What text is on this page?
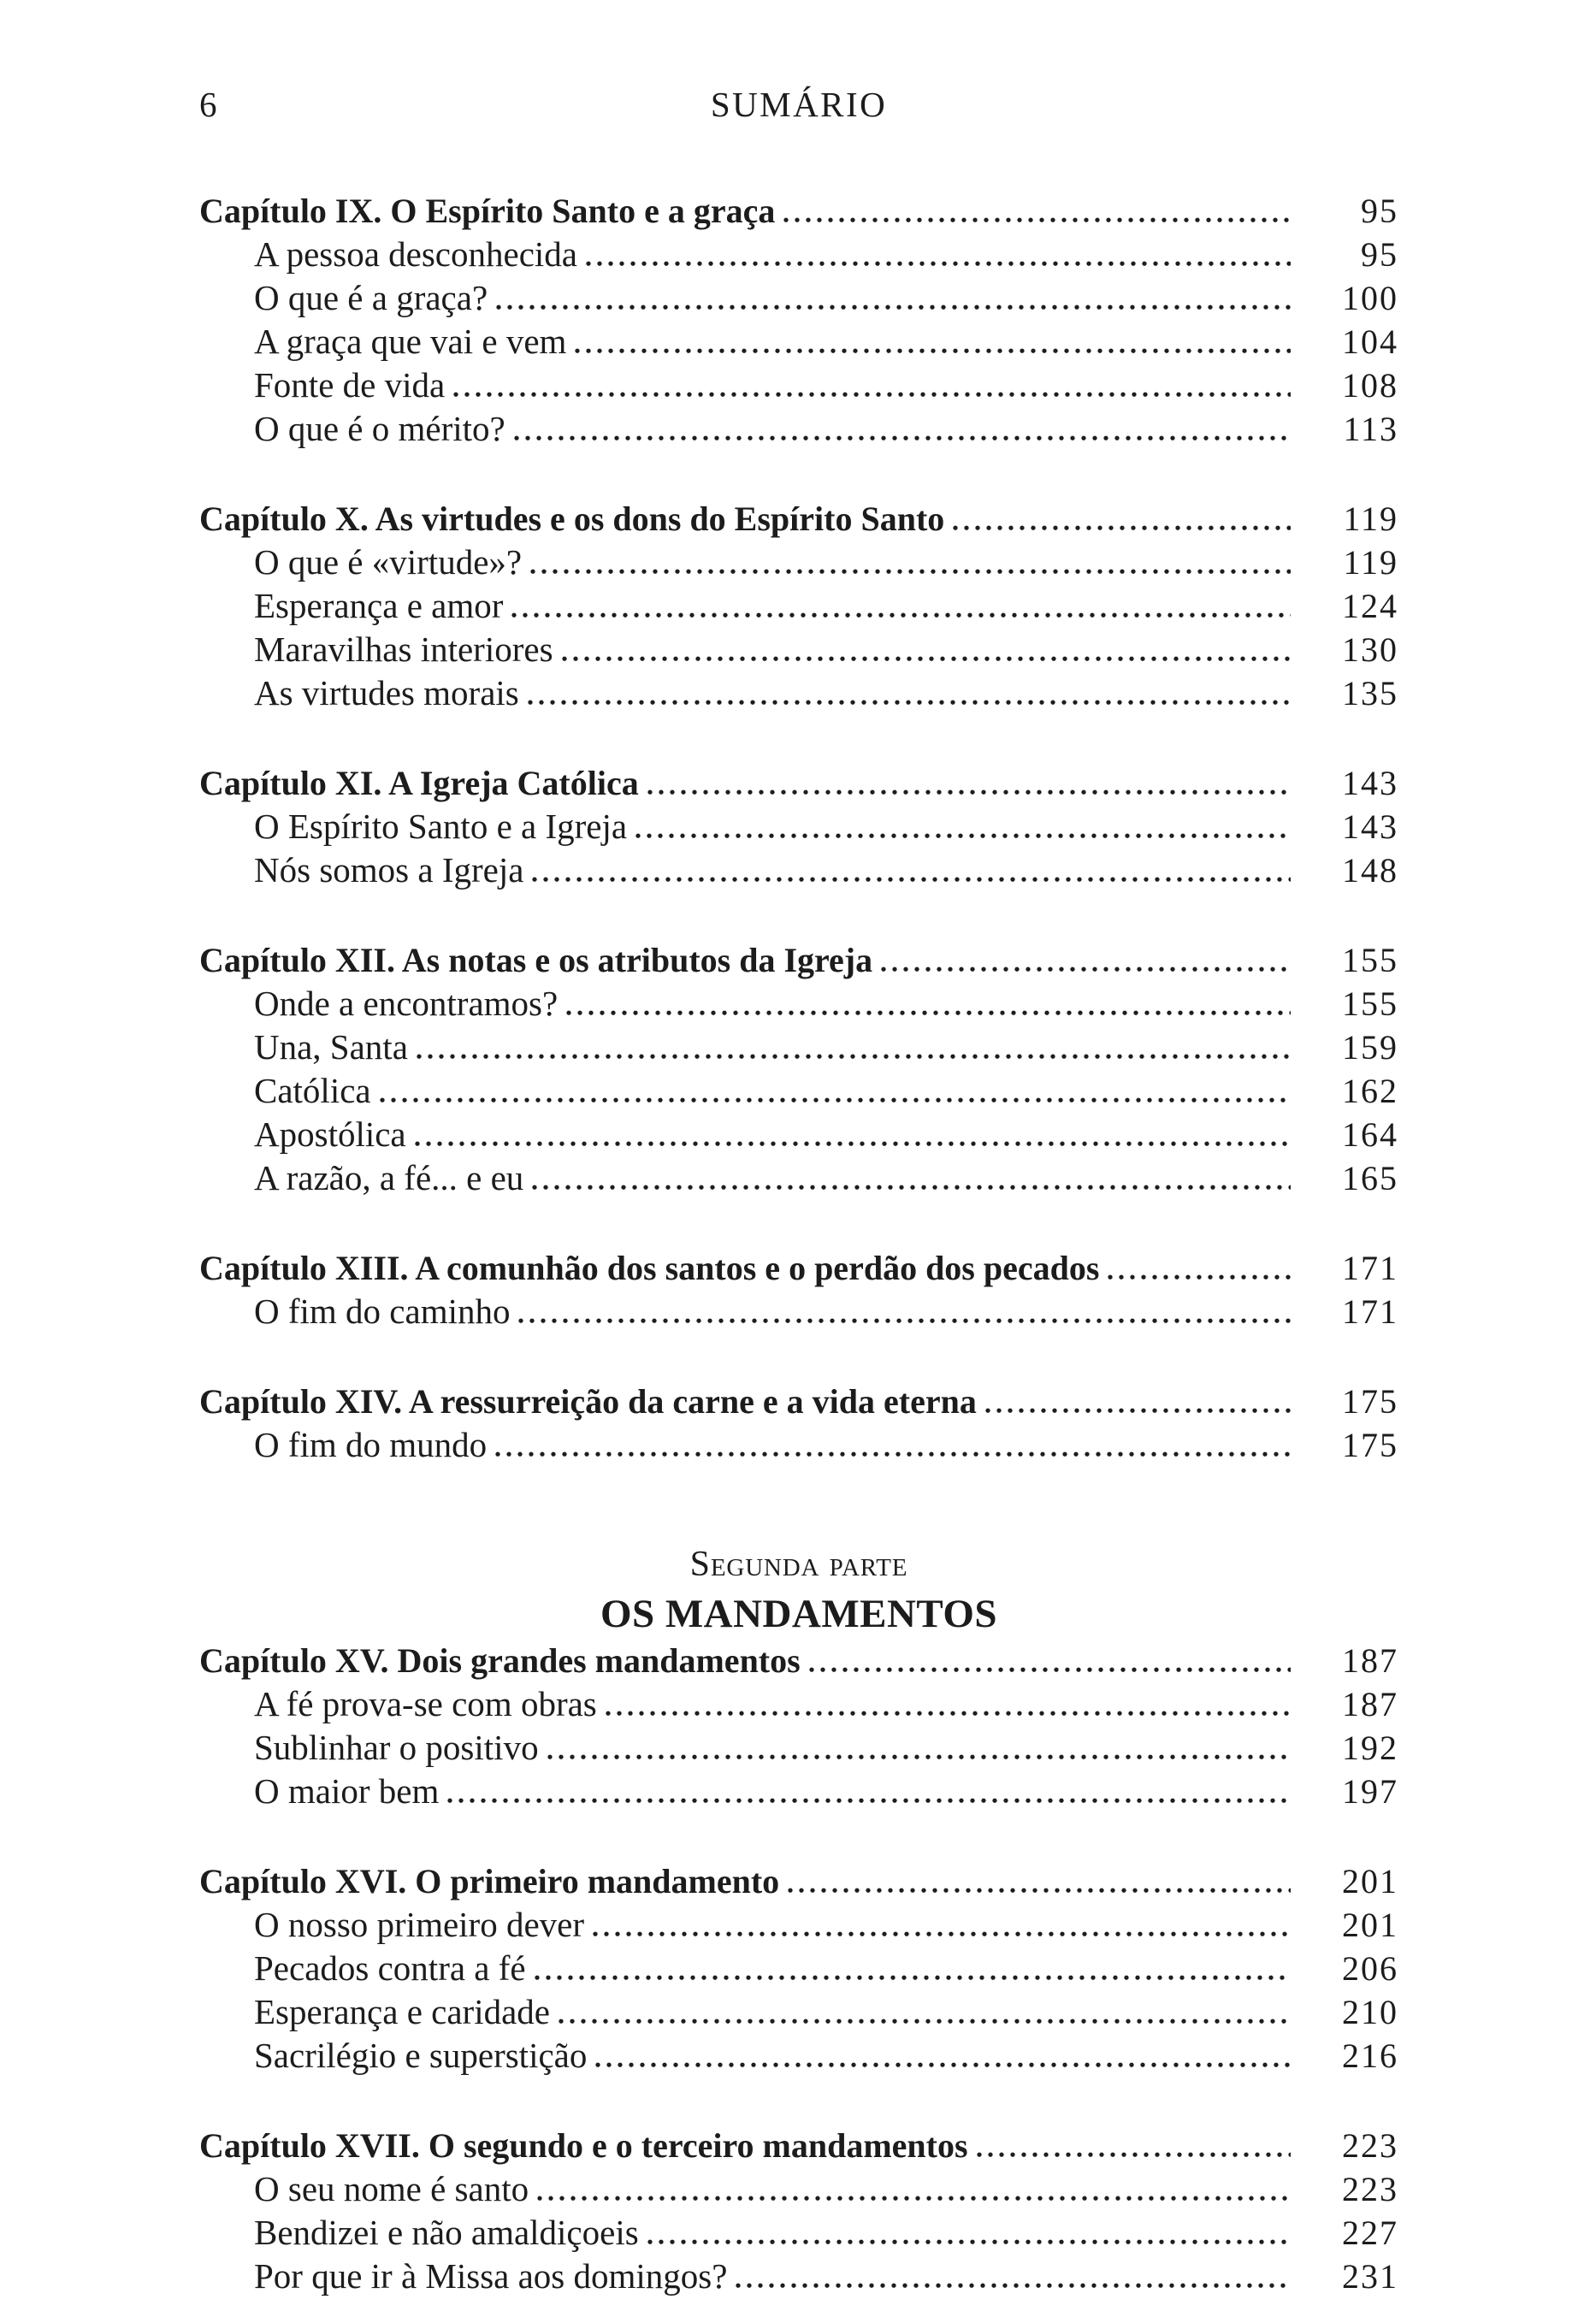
6	SUMÁRIO
Capítulo IX. O Espírito Santo e a graça	95
A pessoa desconhecida	95
O que é a graça?	100
A graça que vai e vem	104
Fonte de vida	108
O que é o mérito?	113
Capítulo X. As virtudes e os dons do Espírito Santo	119
O que é «virtude»?	119
Esperança e amor	124
Maravilhas interiores	130
As virtudes morais	135
Capítulo XI. A Igreja Católica	143
O Espírito Santo e a Igreja	143
Nós somos a Igreja	148
Capítulo XII. As notas e os atributos da Igreja	155
Onde a encontramos?	155
Una, Santa	159
Católica	162
Apostólica	164
A razão, a fé... e eu	165
Capítulo XIII. A comunhão dos santos e o perdão dos pecados	171
O fim do caminho	171
Capítulo XIV. A ressurreição da carne e a vida eterna	175
O fim do mundo	175
Segunda parte
OS MANDAMENTOS
Capítulo XV. Dois grandes mandamentos	187
A fé prova-se com obras	187
Sublinhar o positivo	192
O maior bem	197
Capítulo XVI. O primeiro mandamento	201
O nosso primeiro dever	201
Pecados contra a fé	206
Esperança e caridade	210
Sacrilégio e superstição	216
Capítulo XVII. O segundo e o terceiro mandamentos	223
O seu nome é santo	223
Bendizei e não amaldiçoeis	227
Por que ir à Missa aos domingos?	231
